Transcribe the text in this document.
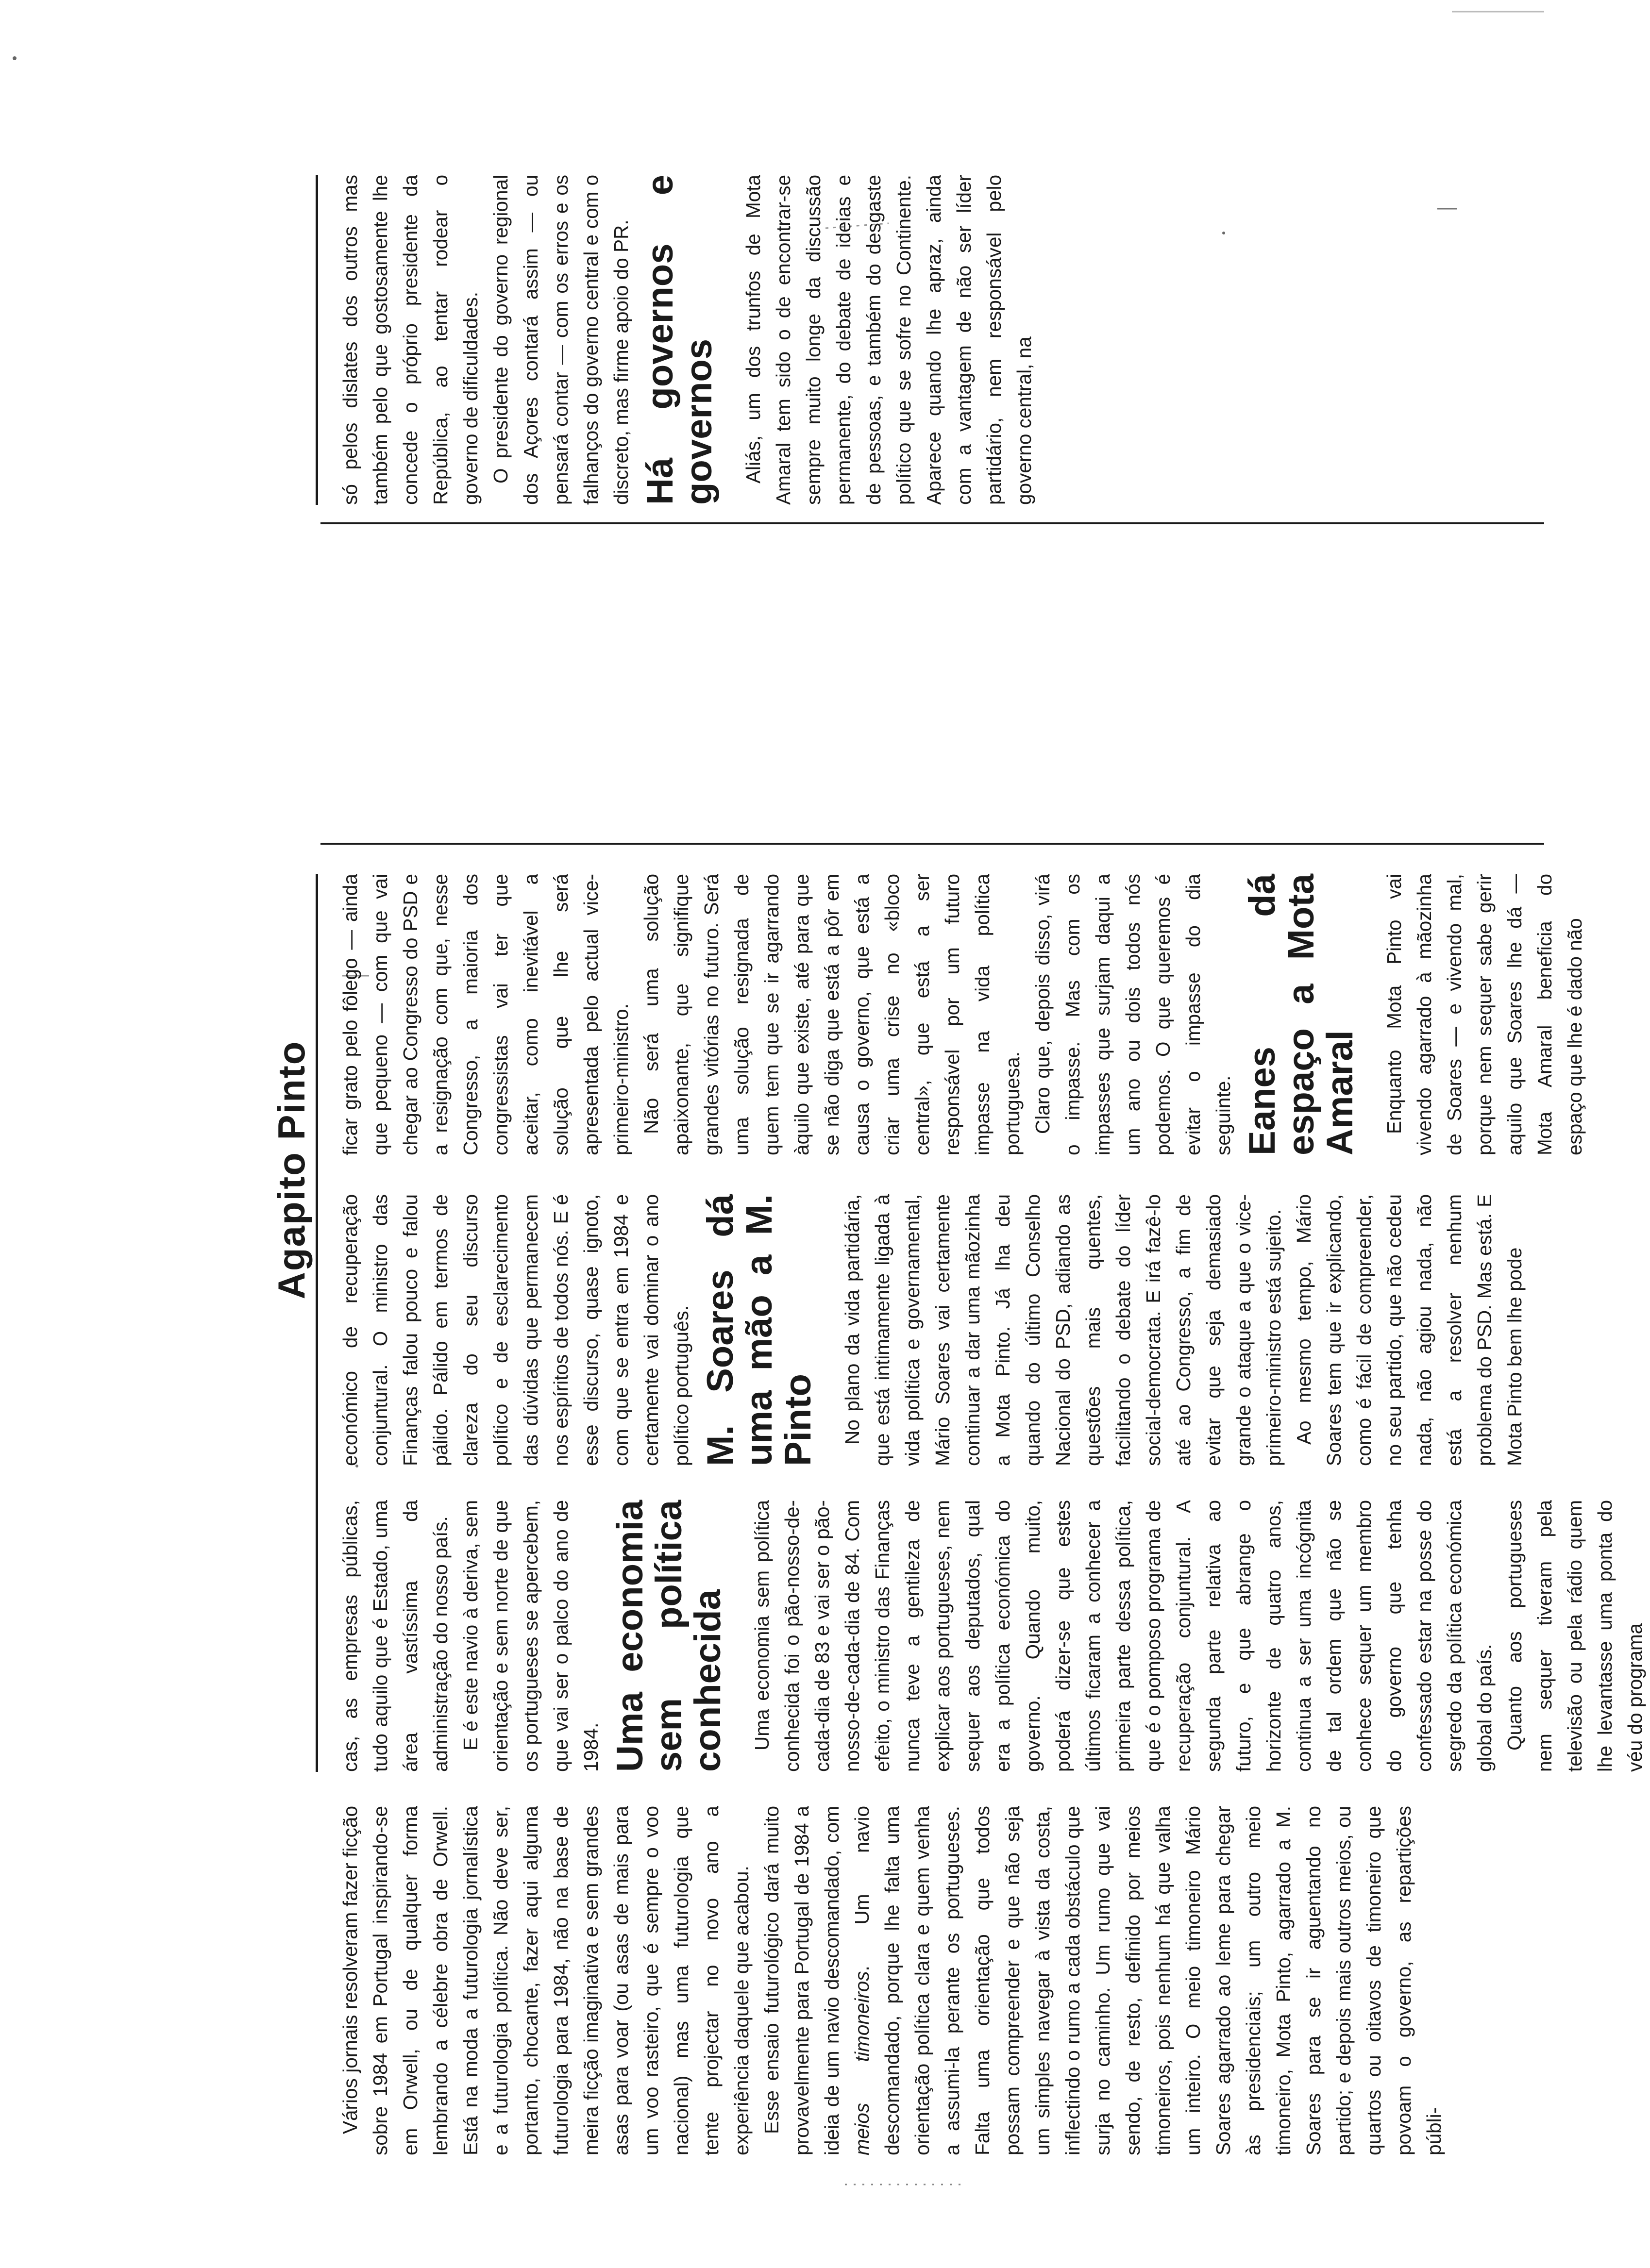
Agapito Pinto

Vários jornais resolveram fazer ficção sobre 1984 em Portugal inspirando-se em Orwell, ou de qualquer forma lembrando a célebre obra de Orwell. Está na moda a futurologia jornalística e a futurologia política. Não deve ser, portanto, chocante, fazer aqui alguma futurologia para 1984, não na base de meira ficção imaginativa e sem grandes asas para voar (ou asas de mais para um voo rasteiro, que é sempre o voo nacional) mas uma futurologia que tente projectar no novo ano a experiência daquele que acabou. Esse ensaio futurológico dará muito provavelmente para Portugal de 1984 a ideia de um navio descomandado, com meios timoneiros. Um navio descomandado, porque lhe falta uma orientação política clara e quem venha a assumi-la perante os portugueses. Falta uma orientação que todos possam compreender e que não seja um simples navegar à vista da costa, inflectindo o rumo a cada obstáculo que surja no caminho. Um rumo que vai sendo, de resto, definido por meios timoneiros, pois nenhum há que valha um inteiro. O meio timoneiro Mário Soares agarrado ao leme para chegar às presidenciais; um outro meio timoneiro, Mota Pinto, agarrado a M. Soares para se ir aguentando no partido; e depois mais outros meios, ou quartos ou oitavos de timoneiro que povoam o governo, as repartições públi-

cas, as empresas públicas, tudo aquilo que é Estado, uma área vastíssima da administração do nosso país. E é este navio à deriva, sem orientação e sem norte de que os portugueses se apercebem, que vai ser o palco do ano de 1984. Uma economia sem política conhecida Uma economia sem política conhecida foi o pão-nosso-de-cada-dia de 83 e vai ser o pão-nosso-de-cada-dia de 84. Com efeito, o ministro das Finanças nunca teve a gentileza de explicar aos portugueses, nem sequer aos deputados, qual era a política económica do governo. Quando muito, poderá dizer-se que estes últimos ficaram a conhecer a primeira parte dessa política, que é o pomposo programa de recuperação conjuntural. A segunda parte relativa ao futuro, e que abrange o horizonte de quatro anos, continua a ser uma incógnita de tal ordem que não se conhece sequer um membro do governo que tenha confessado estar na posse do segredo da política económica global do país. Quanto aos portugueses nem sequer tiveram pela televisão ou pela rádio quem lhe levantasse uma ponta do véu do programa

económico de recuperação conjuntural. O ministro das Finanças falou pouco e falou pálido. Pálido em termos de clareza do seu discurso político e de esclarecimento das dúvidas que permanecem nos espíritos de todos nós. E é esse discurso, quase ignoto, com que se entra em 1984 e certamente vai dominar o ano político português. M. Soares dá uma mão a M. Pinto No plano da vida partidária, que está intimamente ligada à vida política e governamental, Mário Soares vai certamente continuar a dar uma mãozinha a Mota Pinto. Já lha deu quando do último Conselho Nacional do PSD, adiando as questões mais quentes, facilitando o debate do líder social-democrata. E irá fazê-lo até ao Congresso, a fim de evitar que seja demasiado grande o ataque a que o vice-primeiro-ministro está sujeito. Ao mesmo tempo, Mário Soares tem que ir explicando, como é fácil de compreender, no seu partido, que não cedeu nada, não agiou nada, não está a resolver nenhum problema do PSD. Mas está. E Mota Pinto bem lhe pode

ficar grato pelo fôlego — ainda que pequeno — com que vai chegar ao Congresso do PSD e a resignação com que, nesse Congresso, a maioria dos congressistas vai ter que aceitar, como inevitável a solução que lhe será apresentada pelo actual vice-primeiro-ministro. Não será uma solução apaixonante, que signifique grandes vitórias no futuro. Será uma solução resignada de quem tem que se ir agarrando àquilo que existe, até para que se não diga que está a pôr em causa o governo, que está a criar uma crise no «bloco central», que está a ser responsável por um futuro impasse na vida política portuguesa. Claro que, depois disso, virá o impasse. Mas com os impasses que surjam daqui a um ano ou dois todos nós podemos. O que queremos é evitar o impasse do dia seguinte. Eanes dá espaço a Mota Amaral Enquanto Mota Pinto vai vivendo agarrado à mãozinha de Soares — e vivendo mal, porque nem sequer sabe gerir aquilo que Soares lhe dá — Mota Amaral beneficia do espaço que lhe é dado não

só pelos dislates dos outros mas também pelo que gostosamente lhe concede o próprio presidente da República, ao tentar rodear o governo de dificuldades. O presidente do governo regional dos Açores contará assim — ou pensará contar — com os erros e os falhanços do governo central e com o discreto, mas firme apoio do PR. Há governos e governos Aliás, um dos trunfos de Mota Amaral tem sido o de encontrar-se sempre muito longe da discussão permanente, do debate de ideias e de pessoas, e também do desgaste político que se sofre no Continente. Aparece quando lhe apraz, ainda com a vantagem de não ser líder partidário, nem responsável pelo governo central, na
